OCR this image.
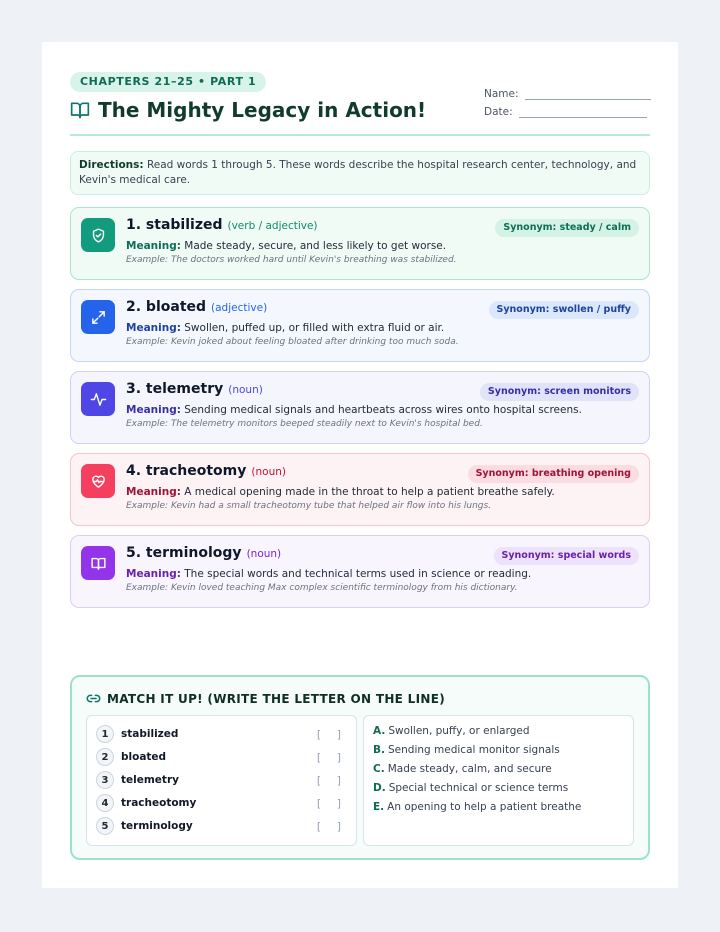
CHAPTERS 21–25 • PART 1
The Mighty Legacy in Action!
Name:
Date:
Directions: Read words 1 through 5. These words describe the hospital research center, technology, and Kevin's medical care.
1. stabilized (verb / adjective)	Synonym: steady / calm
Meaning: Made steady, secure, and less likely to get worse.
Example: The doctors worked hard until Kevin's breathing was stabilized.
2. bloated (adjective)	Synonym: swollen / puffy
Meaning: Swollen, puffed up, or filled with extra fluid or air.
Example: Kevin joked about feeling bloated after drinking too much soda.
3. telemetry (noun)	Synonym: screen monitors
Meaning: Sending medical signals and heartbeats across wires onto hospital screens.
Example: The telemetry monitors beeped steadily next to Kevin's hospital bed.
4. tracheotomy (noun)	Synonym: breathing opening
Meaning: A medical opening made in the throat to help a patient breathe safely.
Example: Kevin had a small tracheotomy tube that helped air flow into his lungs.
5. terminology (noun)	Synonym: special words
Meaning: The special words and technical terms used in science or reading.
Example: Kevin loved teaching Max complex scientific terminology from his dictionary.
MATCH IT UP! (WRITE THE LETTER ON THE LINE)
1	stabilized	[ ]
2	bloated	[ ]
3	telemetry	[ ]
4	tracheotomy	[ ]
5	terminology	[ ]
A. Swollen, puffy, or enlarged
B. Sending medical monitor signals
C. Made steady, calm, and secure
D. Special technical or science terms
E. An opening to help a patient breathe
